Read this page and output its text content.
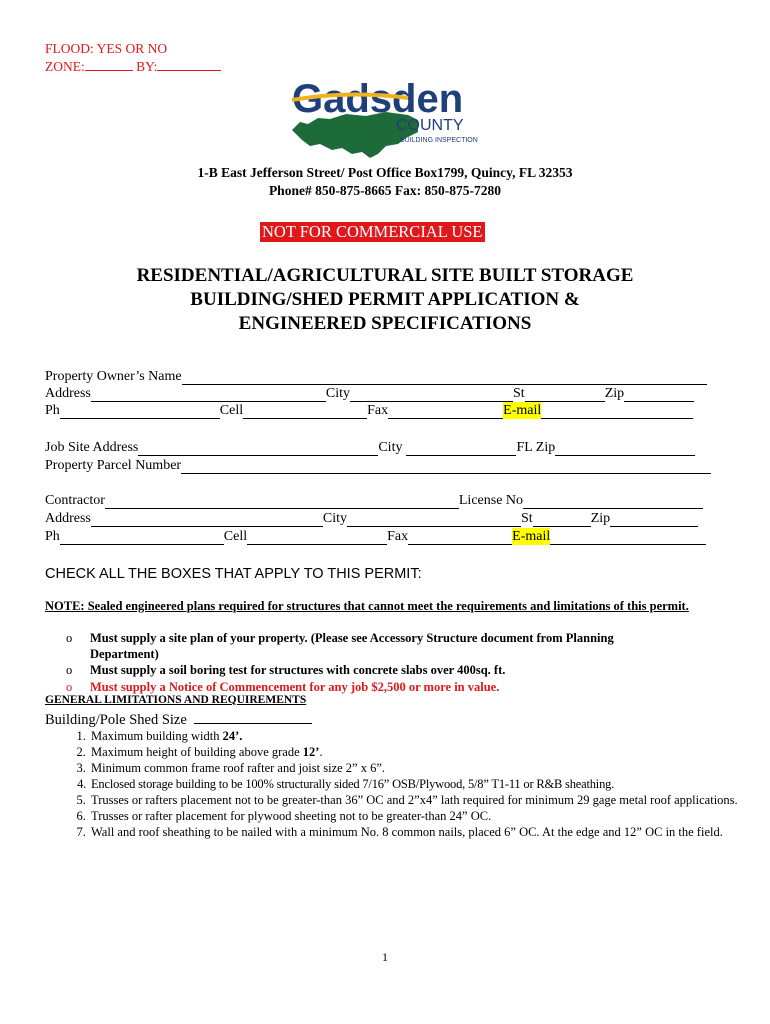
FLOOD: YES OR NO
ZONE:	BY:
Gadsden
COUNTY
BUILDING INSPECTION
1-B East Jefferson Street/ Post Office Box1799, Quincy, FL 32353
Phone# 850-875-8665 Fax: 850-875-7280
NOT FOR COMMERCIAL USE
RESIDENTIAL/AGRICULTURAL SITE BUILT STORAGE
BUILDING/SHED PERMIT APPLICATION &
ENGINEERED SPECIFICATIONS
Property Owner’s Name
Address	City	St	Zip
Ph	Cell	Fax	E-mail
Job Site Address	City	FL Zip
Property Parcel Number
Contractor	License No
Address	City	St	Zip
Ph	Cell	Fax	E-mail
CHECK ALL THE BOXES THAT APPLY TO THIS PERMIT:
NOTE: Sealed engineered plans required for structures that cannot meet the requirements and limitations of this permit.
o Must supply a site plan of your property. (Please see Accessory Structure document from Planning
Department)
o Must supply a soil boring test for structures with concrete slabs over 400sq. ft.
o Must supply a Notice of Commencement for any job $2,500 or more in value.
GENERAL LIMITATIONS AND REQUIREMENTS
Building/Pole Shed Size
1. Maximum building width 24’.
2. Maximum height of building above grade 12’.
3. Minimum common frame roof rafter and joist size 2” x 6”.
4. Enclosed storage building to be 100% structurally sided 7/16” OSB/Plywood, 5/8” T1-11 or R&B sheathing.
5. Trusses or rafters placement not to be greater-than 36” OC and 2”x4” lath required for minimum 29 gage metal roof applications.
6. Trusses or rafter placement for plywood sheeting not to be greater-than 24” OC.
7. Wall and roof sheathing to be nailed with a minimum No. 8 common nails, placed 6” OC. At the edge and 12” OC in the field.
1
